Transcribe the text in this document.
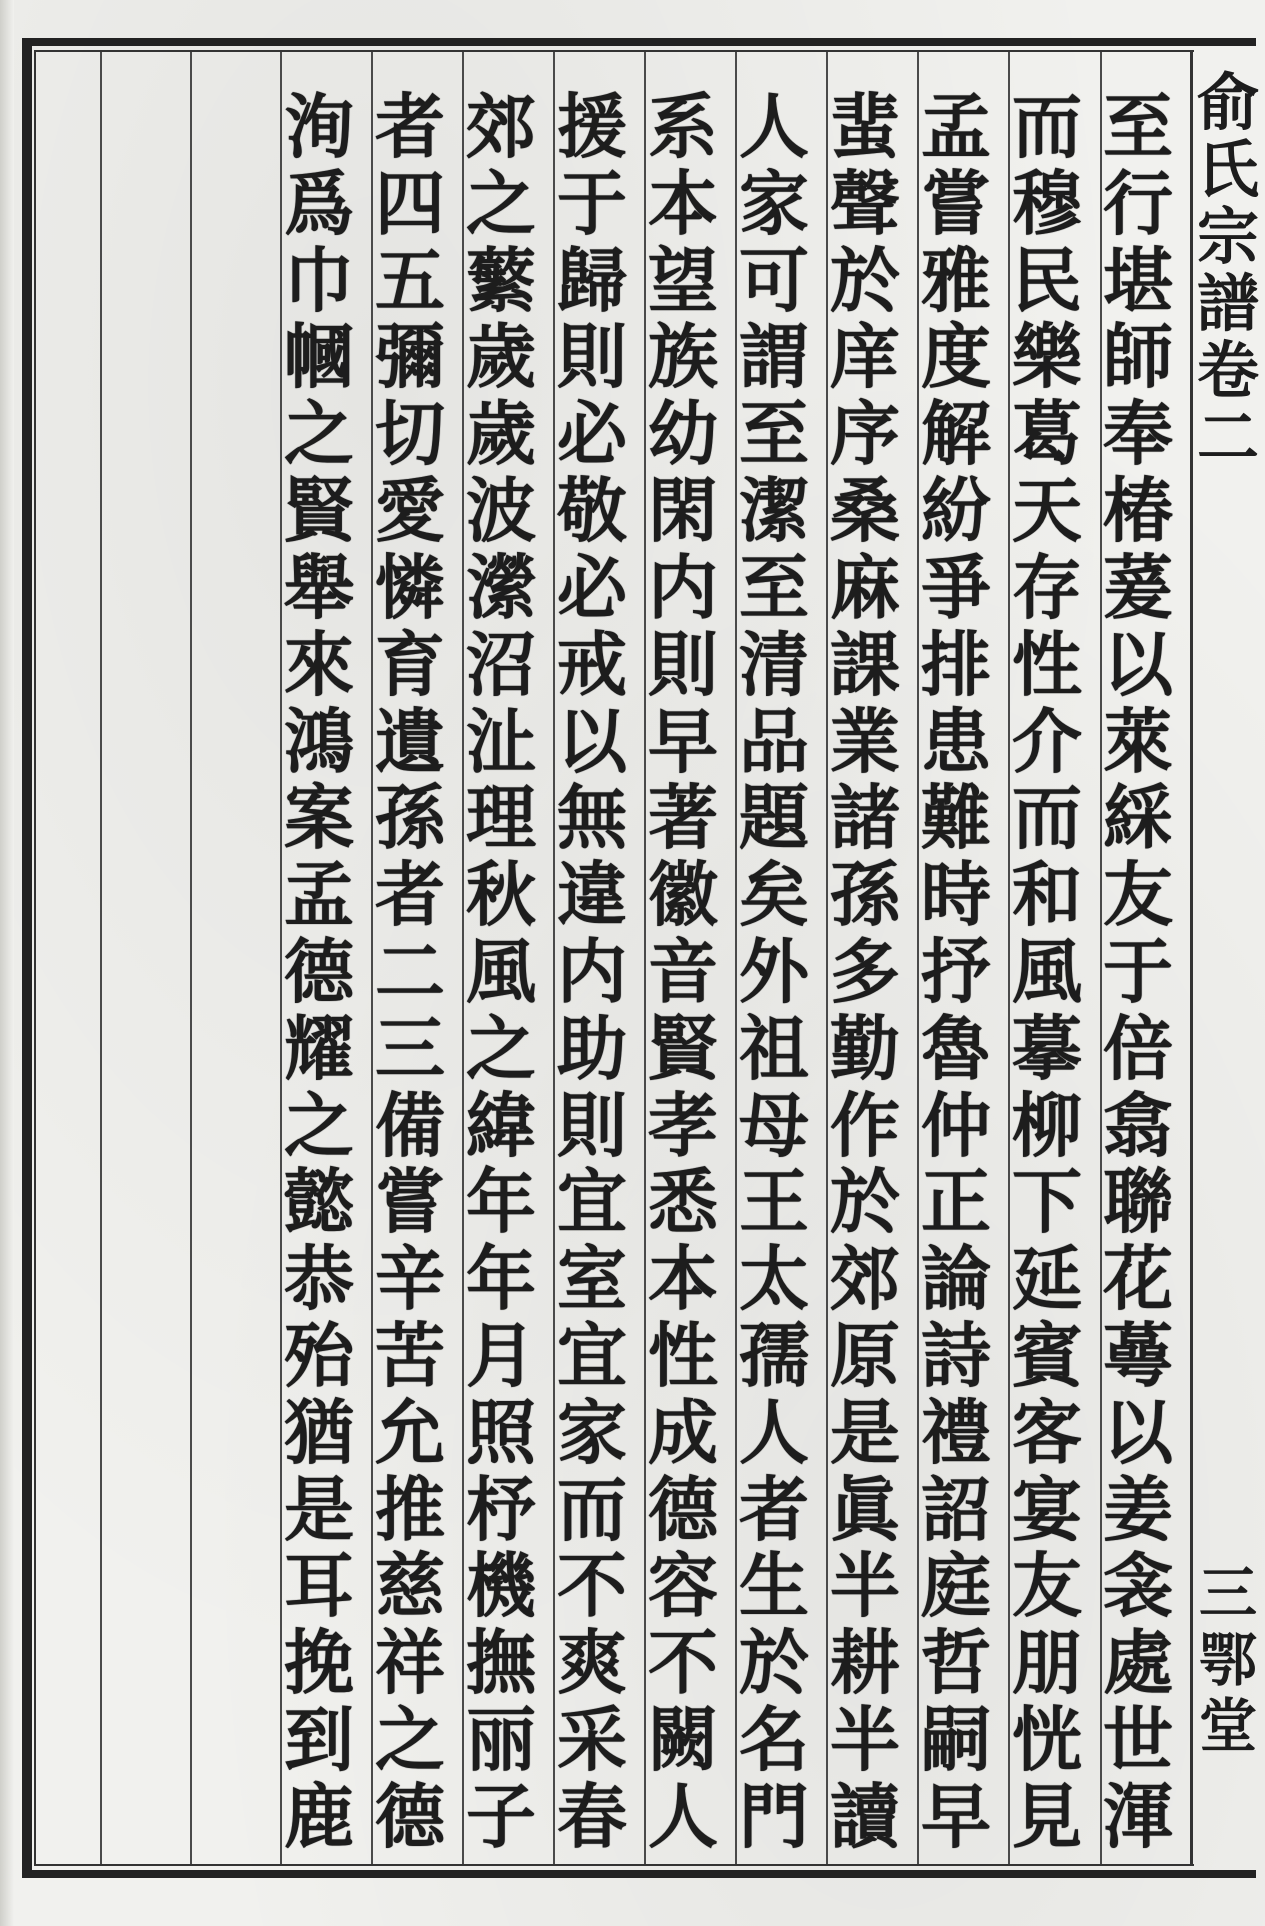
至
行
堪
師
奉
椿
萲
以
萊
綵
友
于
倍
翕
聯
花
蕚
以
姜
衾
處
世
渾
而
穆
民
樂
葛
天
存
性
介
而
和
風
摹
柳
下
延
賓
客
宴
友
朋
恍
見
孟
嘗
雅
度
解
紛
爭
排
患
難
時
抒
魯
仲
正
論
詩
禮
詔
庭
哲
嗣
早
蜚
聲
於
庠
序
桑
麻
課
業
諸
孫
多
勤
作
於
郊
原
是
眞
半
耕
半
讀
人
家
可
謂
至
潔
至
清
品
題
矣
外
祖
母
王
太
孺
人
者
生
於
名
門
系
本
望
族
幼
閑
内
則
早
著
徽
音
賢
孝
悉
本
性
成
德
容
不
闕
人
援
于
歸
則
必
敬
必
戒
以
無
違
内
助
則
宜
室
宜
家
而
不
爽
采
春
郊
之
蘩
歲
歲
波
瀠
沼
沚
理
秋
風
之
緯
年
年
月
照
杼
機
撫
丽
子
者
四
五
彌
切
愛
憐
育
遺
孫
者
二
三
備
嘗
辛
苦
允
推
慈
祥
之
德
洵
爲
巾
幗
之
賢
舉
來
鴻
案
孟
德
耀
之
懿
恭
殆
猶
是
耳
挽
到
鹿
俞
氏
宗
譜
卷
二
三
鄂
堂
